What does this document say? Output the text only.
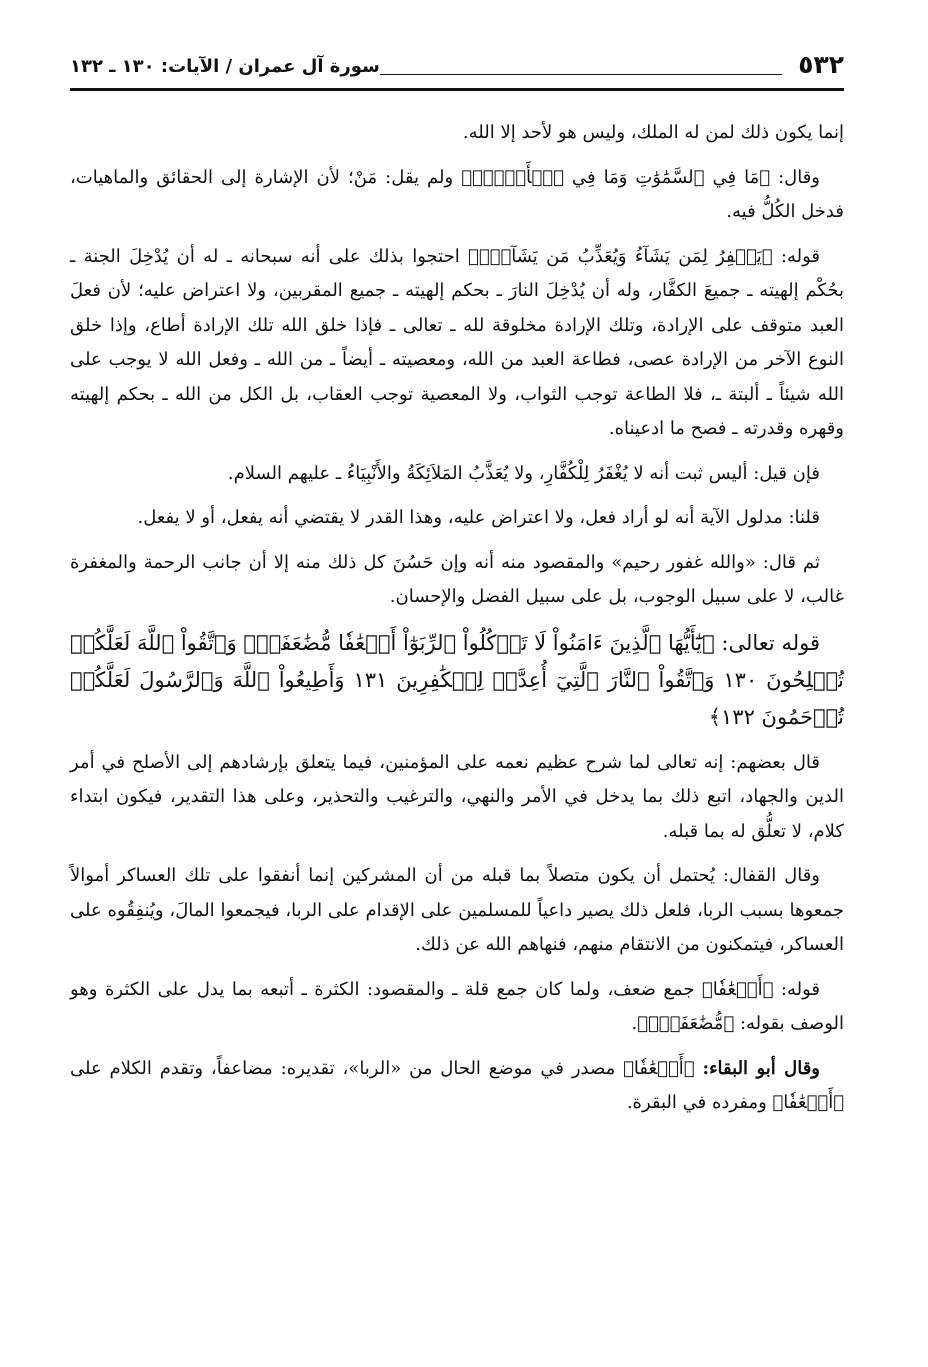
٥٣٢
سورة آل عمران / الآيات: ١٣٠ ـ ١٣٢

إنما يكون ذلك لمن له الملك، وليس هو لأحد إلا الله.

وقال: ﴿مَا فِي ٱلسَّمَٰوَٰتِ وَمَا فِي ٱلۡأَرۡضِۚ﴾ ولم يقل: مَنْ؛ لأن الإشارة إلى الحقائق والماهيات، فدخل الكُلُّ فيه.

قوله: ﴿يَغۡفِرُ لِمَن يَشَآءُ وَيُعَذِّبُ مَن يَشَآءُۚ﴾ احتجوا بذلك على أنه سبحانه ـ له أن يُدْخِلَ الجنة ـ بحُكْم إلهيته ـ جميعَ الكفَّار، وله أن يُدْخِلَ النارَ ـ بحكم إلهيته ـ جميع المقربين، ولا اعتراض عليه؛ لأن فعلَ العبد متوقف على الإرادة، وتلك الإرادة مخلوقة لله ـ تعالى ـ فإذا خلق الله تلك الإرادة أطاع، وإذا خلق النوع الآخر من الإرادة عصى، فطاعة العبد من الله، ومعصيته ـ أيضاً ـ من الله ـ وفعل الله لا يوجب على الله شيئاً ـ ألبتة ـ، فلا الطاعة توجب الثواب، ولا المعصية توجب العقاب، بل الكل من الله ـ بحكم إلهيته وقهره وقدرته ـ فصح ما ادعيناه.

فإن قيل: أليس ثبت أنه لا يُغْفَرُ لِلْكُفَّارِ، ولا يُعَذَّبُ المَلاَئِكَةُ والأَنْبِيَاءُ ـ عليهم السلام.

قلنا: مدلول الآية أنه لو أراد فعل، ولا اعتراض عليه، وهذا القدر لا يقتضي أنه يفعل، أو لا يفعل.

ثم قال: «والله غفور رحيم» والمقصود منه أنه وإن حَسُنَ كل ذلك منه إلا أن جانب الرحمة والمغفرة غالب، لا على سبيل الوجوب، بل على سبيل الفضل والإحسان.

قوله تعالى: ﴿يَٰٓأَيُّهَا ٱلَّذِينَ ءَامَنُواْ لَا تَأۡكُلُواْ ٱلرِّبَوٰٓاْ أَضۡعَٰفٗا مُّضَٰعَفَةٗۖ وَٱتَّقُواْ ٱللَّهَ لَعَلَّكُمۡ تُفۡلِحُونَ ١٣٠ وَٱتَّقُواْ ٱلنَّارَ ٱلَّتِيٓ أُعِدَّتۡ لِلۡكَٰفِرِينَ ١٣١ وَأَطِيعُواْ ٱللَّهَ وَٱلرَّسُولَ لَعَلَّكُمۡ تُرۡحَمُونَ ١٣٢﴾

قال بعضهم: إنه تعالى لما شرح عظيم نعمه على المؤمنين، فيما يتعلق بإرشادهم إلى الأصلح في أمر الدين والجهاد، اتبع ذلك بما يدخل في الأمر والنهي، والترغيب والتحذير، وعلى هذا التقدير، فيكون ابتداء كلام، لا تعلُّق له بما قبله.

وقال القفال: يُحتمل أن يكون متصلاً بما قبله من أن المشركين إنما أنفقوا على تلك العساكر أموالاً جمعوها بسبب الربا، فلعل ذلك يصير داعياً للمسلمين على الإقدام على الربا، فيجمعوا المالَ، ويُنفِقُوه على العساكر، فيتمكنون من الانتقام منهم، فنهاهم الله عن ذلك.

قوله: ﴿أَضۡعَٰفٗا﴾ جمع ضعف، ولما كان جمع قلة ـ والمقصود: الكثرة ـ أتبعه بما يدل على الكثرة وهو الوصف بقوله: ﴿مُّضَٰعَفَةٗۖ﴾.

وقال أبو البقاء: ﴿أَضۡعَٰفٗا﴾ مصدر في موضع الحال من «الربا»، تقديره: مضاعفاً، وتقدم الكلام على ﴿أَضۡعَٰفٗا﴾ ومفرده في البقرة.
